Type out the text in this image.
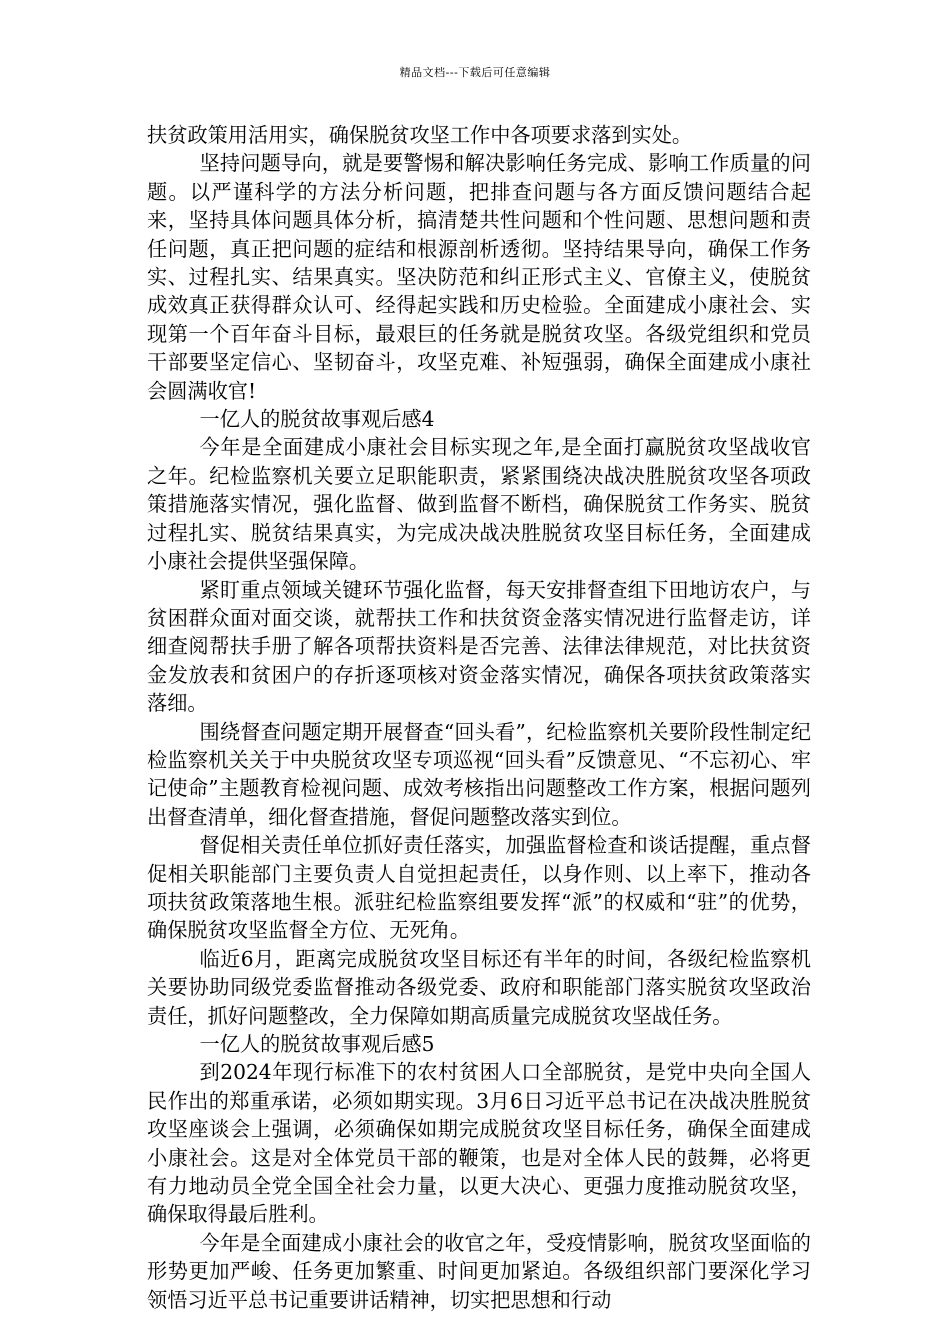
精品文档---下载后可任意编辑

扶贫政策用活用实，确保脱贫攻坚工作中各项要求落到实处。

坚持问题导向，就是要警惕和解决影响任务完成、影响工作质量的问题。以严谨科学的方法分析问题，把排查问题与各方面反馈问题结合起来，坚持具体问题具体分析，搞清楚共性问题和个性问题、思想问题和责任问题，真正把问题的症结和根源剖析透彻。坚持结果导向，确保工作务实、过程扎实、结果真实。坚决防范和纠正形式主义、官僚主义，使脱贫成效真正获得群众认可、经得起实践和历史检验。全面建成小康社会、实现第一个百年奋斗目标，最艰巨的任务就是脱贫攻坚。各级党组织和党员干部要坚定信心、坚韧奋斗，攻坚克难、补短强弱，确保全面建成小康社会圆满收官!

一亿人的脱贫故事观后感4

今年是全面建成小康社会目标实现之年,是全面打赢脱贫攻坚战收官之年。纪检监察机关要立足职能职责，紧紧围绕决战决胜脱贫攻坚各项政策措施落实情况，强化监督、做到监督不断档，确保脱贫工作务实、脱贫过程扎实、脱贫结果真实，为完成决战决胜脱贫攻坚目标任务，全面建成小康社会提供坚强保障。

紧盯重点领域关键环节强化监督，每天安排督查组下田地访农户，与贫困群众面对面交谈，就帮扶工作和扶贫资金落实情况进行监督走访，详细查阅帮扶手册了解各项帮扶资料是否完善、法律法律规范，对比扶贫资金发放表和贫困户的存折逐项核对资金落实情况，确保各项扶贫政策落实落细。

围绕督查问题定期开展督查“回头看”，纪检监察机关要阶段性制定纪检监察机关关于中央脱贫攻坚专项巡视“回头看”反馈意见、“不忘初心、牢记使命”主题教育检视问题、成效考核指出问题整改工作方案，根据问题列出督查清单，细化督查措施，督促问题整改落实到位。

督促相关责任单位抓好责任落实，加强监督检查和谈话提醒，重点督促相关职能部门主要负责人自觉担起责任，以身作则、以上率下，推动各项扶贫政策落地生根。派驻纪检监察组要发挥“派”的权威和“驻”的优势，确保脱贫攻坚监督全方位、无死角。

临近6月，距离完成脱贫攻坚目标还有半年的时间，各级纪检监察机关要协助同级党委监督推动各级党委、政府和职能部门落实脱贫攻坚政治责任，抓好问题整改，全力保障如期高质量完成脱贫攻坚战任务。

一亿人的脱贫故事观后感5

到2024年现行标准下的农村贫困人口全部脱贫，是党中央向全国人民作出的郑重承诺，必须如期实现。3月6日习近平总书记在决战决胜脱贫攻坚座谈会上强调，必须确保如期完成脱贫攻坚目标任务，确保全面建成小康社会。这是对全体党员干部的鞭策，也是对全体人民的鼓舞，必将更有力地动员全党全国全社会力量，以更大决心、更强力度推动脱贫攻坚，确保取得最后胜利。

今年是全面建成小康社会的收官之年，受疫情影响，脱贫攻坚面临的形势更加严峻、任务更加繁重、时间更加紧迫。各级组织部门要深化学习领悟习近平总书记重要讲话精神，切实把思想和行动
